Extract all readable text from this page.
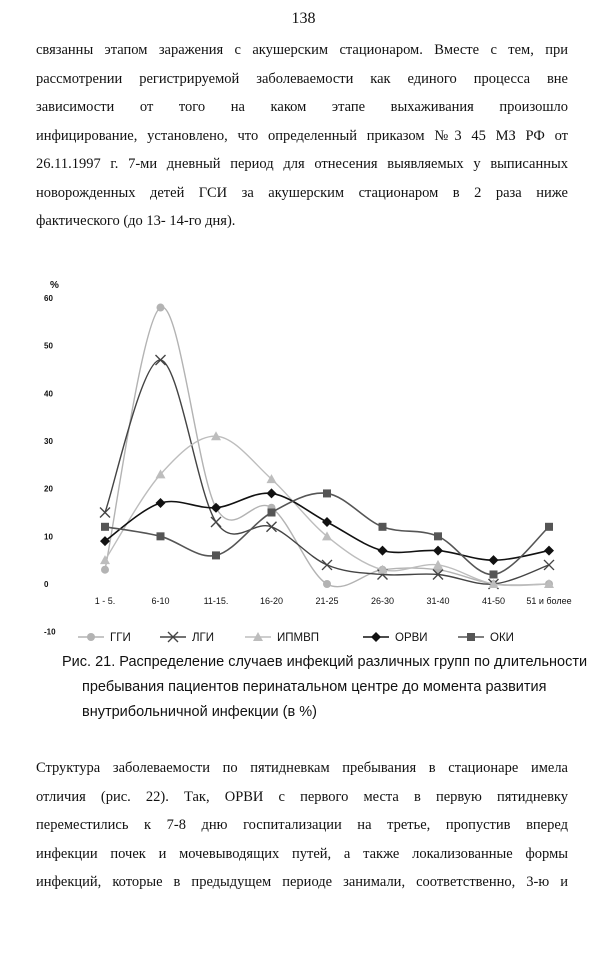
138
связанны этапом заражения с акушерским стационаром. Вместе с тем, при
рассмотрении регистрируемой заболеваемости как единого процесса вне
зависимости от того на каком этапе выхаживания произошло
инфицирование, установлено, что определенный приказом №3 45 МЗ РФ от
26.11.1997 г. 7-ми дневный период для отнесения выявляемых у выписанных
новорожденных детей ГСИ за акушерским стационаром в 2 раза ниже
фактического (до 13- 14-го дня).
%
60
50
40
30
20
10
0
-10
1 - 5.	6-10	11-15.	16-20	21-25	26-30	31-40	41-50 51 и более
ГГИ	ЛГИ	ИПМВП	ОРВИ	ОКИ
Рис. 21. Распределение случаев инфекций различных групп по длительности
пребывания пациентов перинатальном центре до момента развития
внутрибольничной инфекции (в %)
Структура заболеваемости по пятидневкам пребывания в стационаре имела
отличия (рис. 22). Так, ОРВИ с первого места в первую пятидневку
переместились к 7-8 дню госпитализации на третье, пропустив вперед
инфекции почек и мочевыводящих путей, а также локализованные формы
инфекций, которые в предыдущем периоде занимали, соответственно, 3-ю и
